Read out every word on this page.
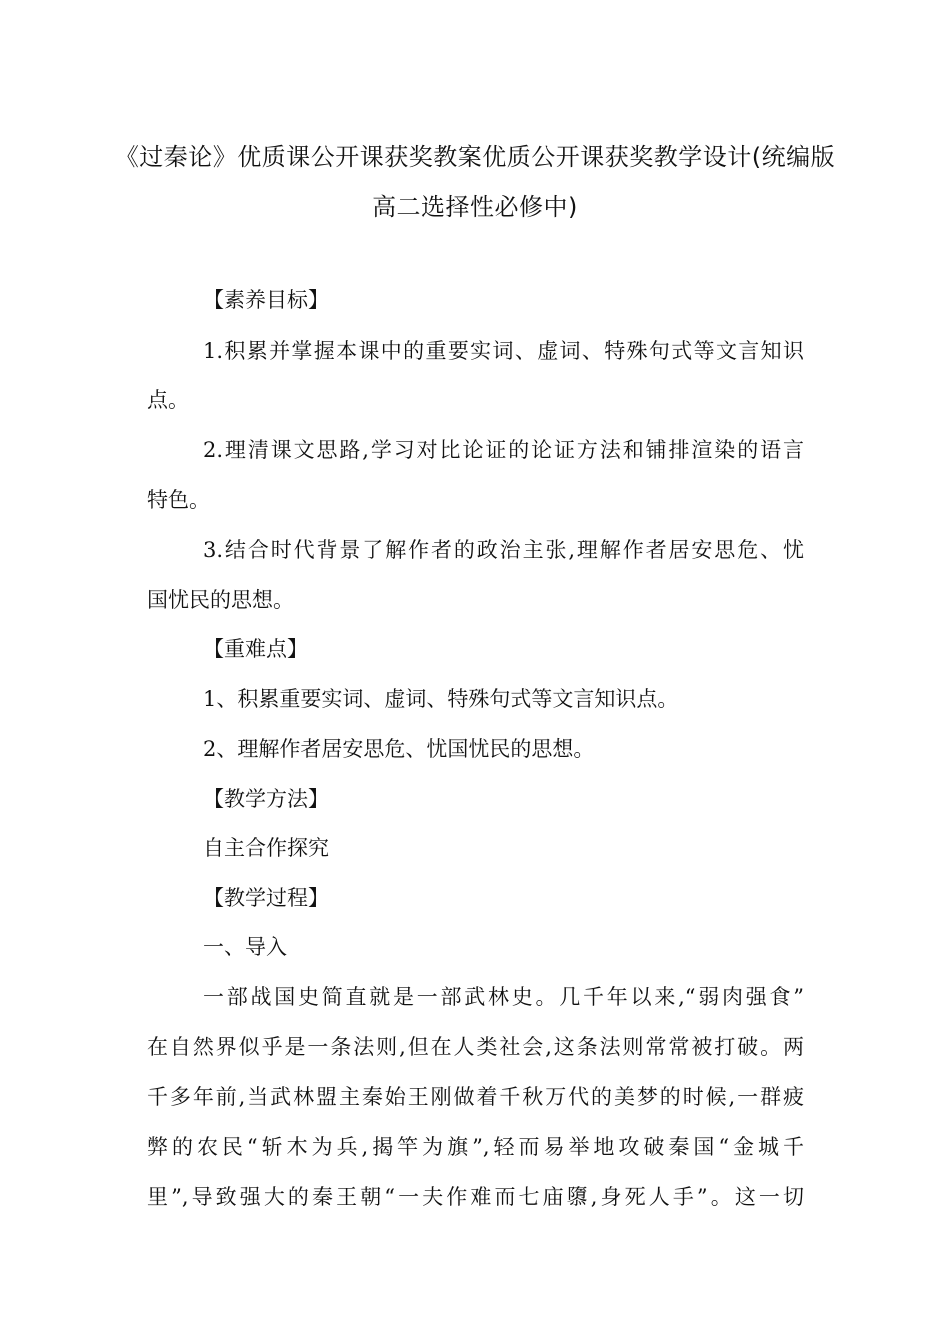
《过秦论》优质课公开课获奖教案优质公开课获奖教学设计(统编版
高二选择性必修中)
【素养目标】
1.积累并掌握本课中的重要实词、虚词、特殊句式等文言知识
点。
2.理清课文思路,学习对比论证的论证方法和铺排渲染的语言
特色。
3.结合时代背景了解作者的政治主张,理解作者居安思危、忧
国忧民的思想。
【重难点】
1、积累重要实词、虚词、特殊句式等文言知识点。
2、理解作者居安思危、忧国忧民的思想。
【教学方法】
自主合作探究
【教学过程】
一、导入
一部战国史简直就是一部武林史。几千年以来,“弱肉强食”
在自然界似乎是一条法则,但在人类社会,这条法则常常被打破。两
千多年前,当武林盟主秦始王刚做着千秋万代的美梦的时候,一群疲
弊的农民“斩木为兵,揭竿为旗”,轻而易举地攻破秦国“金城千
里”,导致强大的秦王朝“一夫作难而七庙隳,身死人手”。这一切
